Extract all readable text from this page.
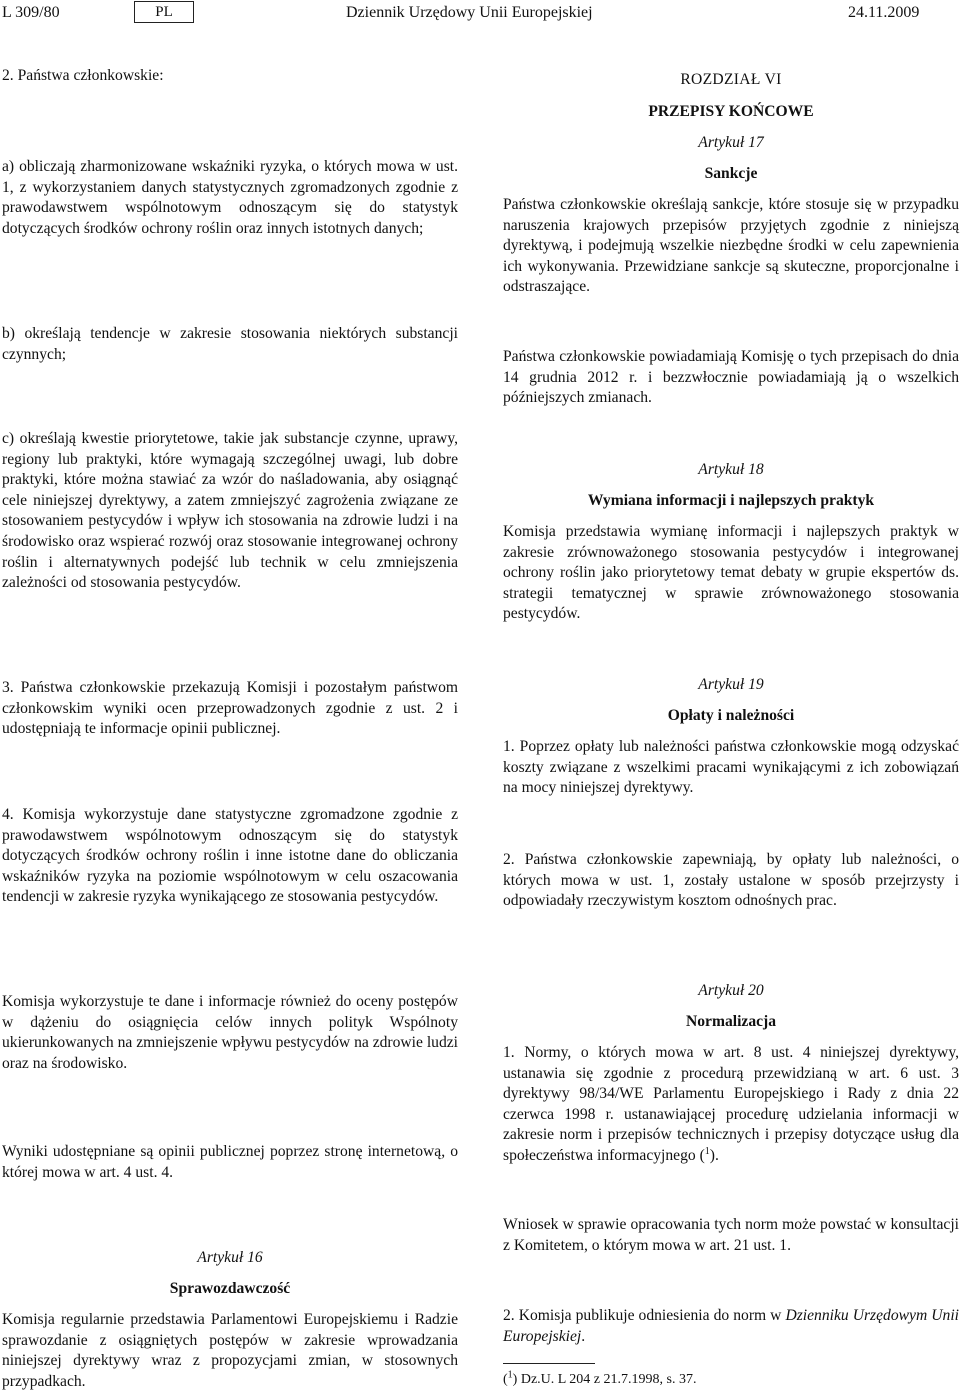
L 309/80	PL	Dziennik Urzędowy Unii Europejskiej	24.11.2009

2. Państwa członkowskie:

a) obliczają zharmonizowane wskaźniki ryzyka, o których mowa w ust. 1, z wykorzystaniem danych statystycznych zgromadzonych zgodnie z prawodawstwem wspólnotowym odnoszącym się do statystyk dotyczących środków ochrony roślin oraz innych istotnych danych;

b) określają tendencje w zakresie stosowania niektórych substancji czynnych;

c) określają kwestie priorytetowe, takie jak substancje czynne, uprawy, regiony lub praktyki, które wymagają szczególnej uwagi, lub dobre praktyki, które można stawiać za wzór do naśladowania, aby osiągnąć cele niniejszej dyrektywy, a zatem zmniejszyć zagrożenia związane ze stosowaniem pestycydów i wpływ ich stosowania na zdrowie ludzi i na środowisko oraz wspierać rozwój oraz stosowanie integrowanej ochrony roślin i alternatywnych podejść lub technik w celu zmniejszenia zależności od stosowania pestycydów.

3. Państwa członkowskie przekazują Komisji i pozostałym państwom członkowskim wyniki ocen przeprowadzonych zgodnie z ust. 2 i udostępniają te informacje opinii publicznej.

4. Komisja wykorzystuje dane statystyczne zgromadzone zgodnie z prawodawstwem wspólnotowym odnoszącym się do statystyk dotyczących środków ochrony roślin i inne istotne dane do obliczania wskaźników ryzyka na poziomie wspólnotowym w celu oszacowania tendencji w zakresie ryzyka wynikającego ze stosowania pestycydów.

Komisja wykorzystuje te dane i informacje również do oceny postępów w dążeniu do osiągnięcia celów innych polityk Wspólnoty ukierunkowanych na zmniejszenie wpływu pestycydów na zdrowie ludzi oraz na środowisko.

Wyniki udostępniane są opinii publicznej poprzez stronę internetową, o której mowa w art. 4 ust. 4.

Artykuł 16

Sprawozdawczość

Komisja regularnie przedstawia Parlamentowi Europejskiemu i Radzie sprawozdanie z osiągniętych postępów w zakresie wprowadzania niniejszej dyrektywy wraz z propozycjami zmian, w stosownych przypadkach.

ROZDZIAŁ VI

PRZEPISY KOŃCOWE

Artykuł 17

Sankcje

Państwa członkowskie określają sankcje, które stosuje się w przypadku naruszenia krajowych przepisów przyjętych zgodnie z niniejszą dyrektywą, i podejmują wszelkie niezbędne środki w celu zapewnienia ich wykonywania. Przewidziane sankcje są skuteczne, proporcjonalne i odstraszające.

Państwa członkowskie powiadamiają Komisję o tych przepisach do dnia 14 grudnia 2012 r. i bezzwłocznie powiadamiają ją o wszelkich późniejszych zmianach.

Artykuł 18

Wymiana informacji i najlepszych praktyk

Komisja przedstawia wymianę informacji i najlepszych praktyk w zakresie zrównoważonego stosowania pestycydów i integrowanej ochrony roślin jako priorytetowy temat debaty w grupie ekspertów ds. strategii tematycznej w sprawie zrównoważonego stosowania pestycydów.

Artykuł 19

Opłaty i należności

1. Poprzez opłaty lub należności państwa członkowskie mogą odzyskać koszty związane z wszelkimi pracami wynikającymi z ich zobowiązań na mocy niniejszej dyrektywy.

2. Państwa członkowskie zapewniają, by opłaty lub należności, o których mowa w ust. 1, zostały ustalone w sposób przejrzysty i odpowiadały rzeczywistym kosztom odnośnych prac.

Artykuł 20

Normalizacja

1. Normy, o których mowa w art. 8 ust. 4 niniejszej dyrektywy, ustanawia się zgodnie z procedurą przewidzianą w art. 6 ust. 3 dyrektywy 98/34/WE Parlamentu Europejskiego i Rady z dnia 22 czerwca 1998 r. ustanawiającej procedurę udzielania informacji w zakresie norm i przepisów technicznych i przepisy dotyczące usług dla społeczeństwa informacyjnego ($^1$).

Wniosek w sprawie opracowania tych norm może powstać w konsultacji z Komitetem, o którym mowa w art. 21 ust. 1.

2. Komisja publikuje odniesienia do norm w Dzienniku Urzędowym Unii Europejskiej.

($^1$) Dz.U. L 204 z 21.7.1998, s. 37.
